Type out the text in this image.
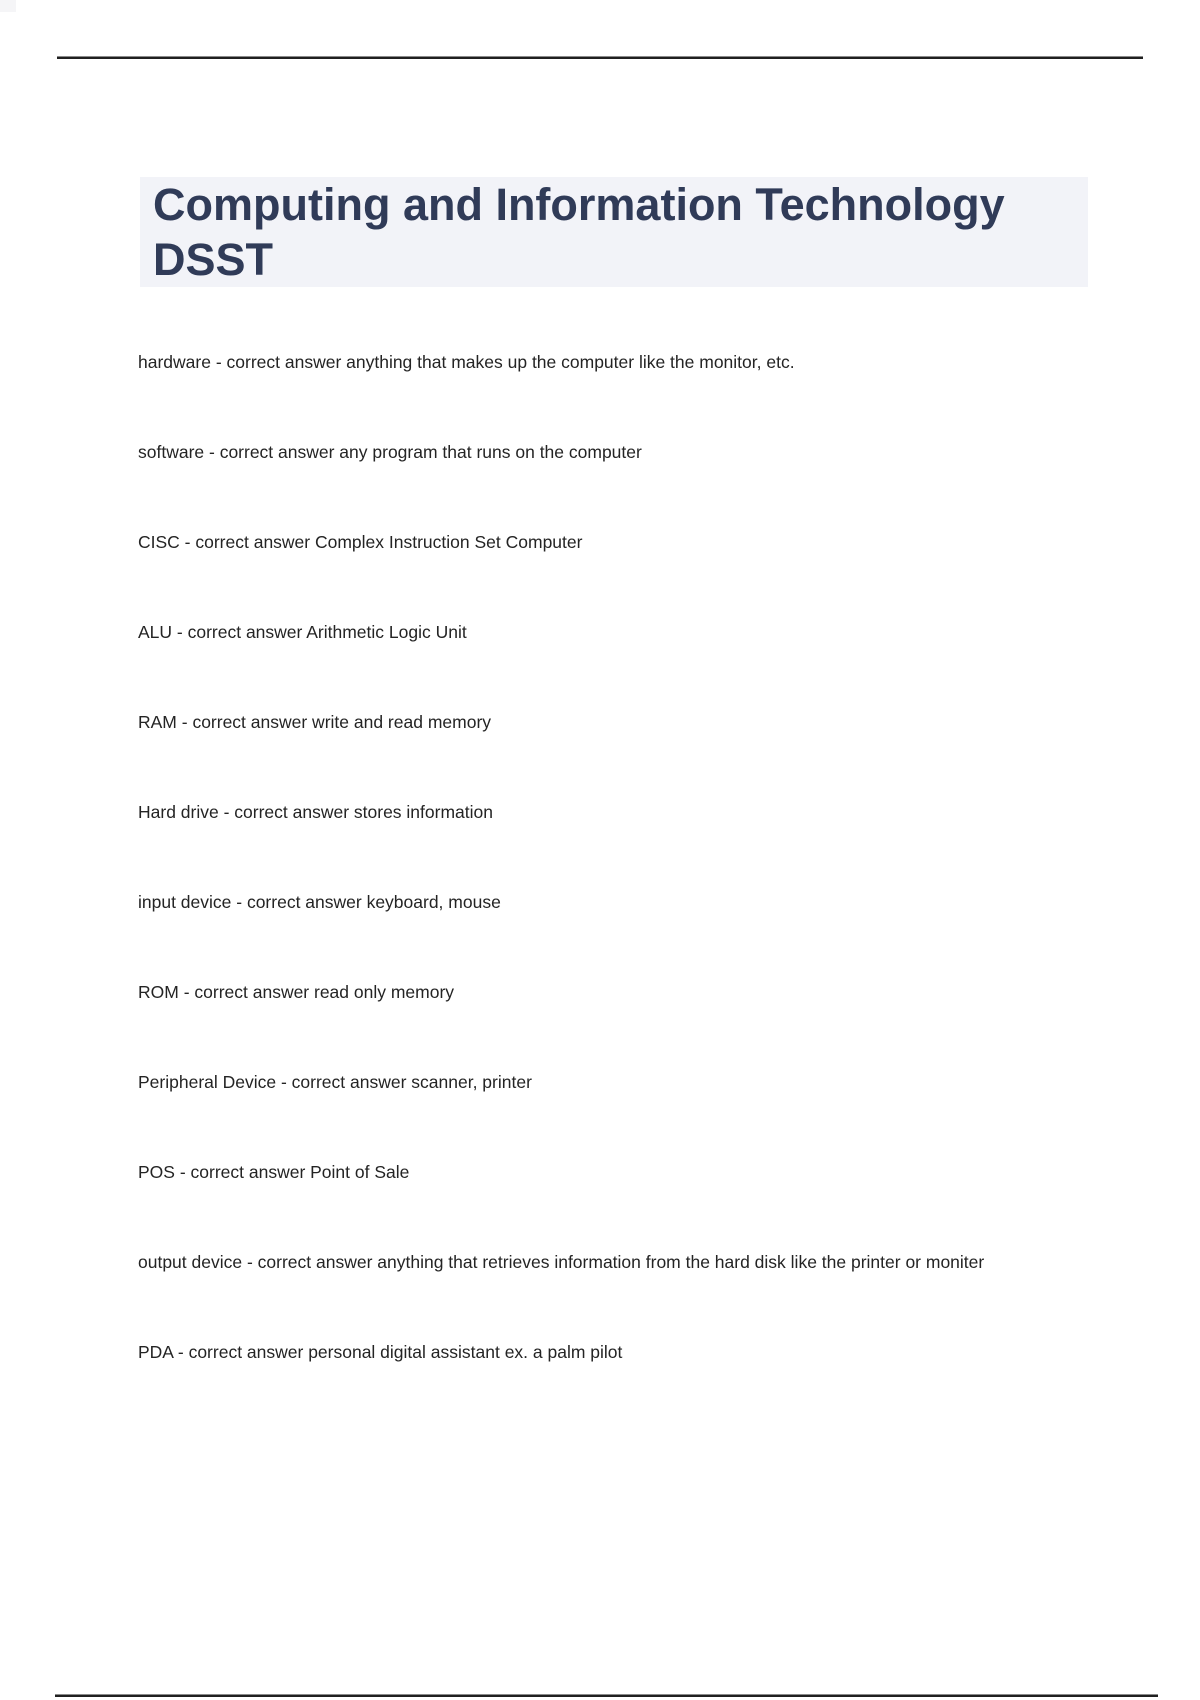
Computing and Information Technology DSST

hardware - correct answer anything that makes up the computer like the monitor, etc.

software - correct answer any program that runs on the computer

CISC - correct answer Complex Instruction Set Computer

ALU - correct answer Arithmetic Logic Unit

RAM - correct answer write and read memory

Hard drive - correct answer stores information

input device - correct answer keyboard, mouse

ROM - correct answer read only memory

Peripheral Device - correct answer scanner, printer

POS - correct answer Point of Sale

output device - correct answer anything that retrieves information from the hard disk like the printer or moniter

PDA - correct answer personal digital assistant ex. a palm pilot
